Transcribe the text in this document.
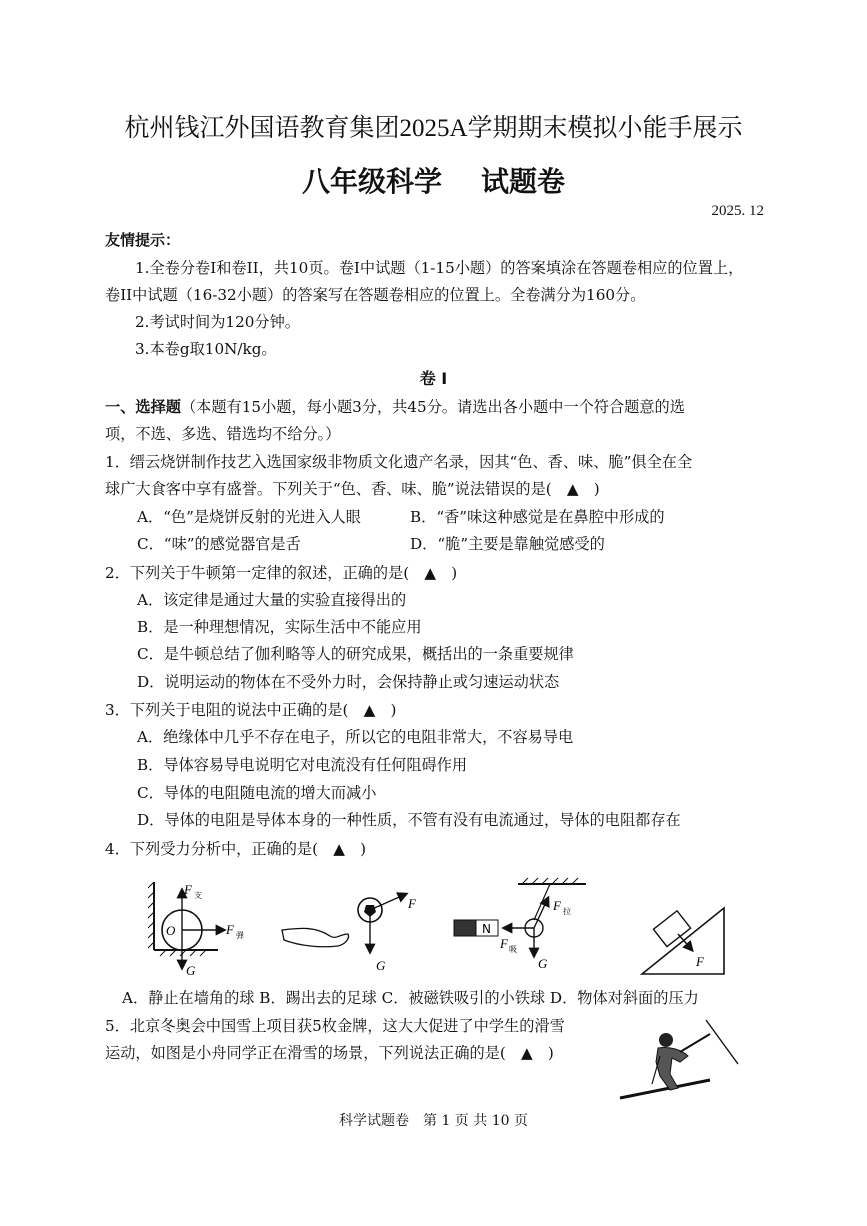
杭州钱江外国语教育集团2025A学期期末模拟小能手展示
八年级科学    试题卷
2025. 12
友情提示：
1.全卷分卷I和卷II，共10页。卷I中试题（1-15小题）的答案填涂在答题卷相应的位置上，
卷II中试题（16-32小题）的答案写在答题卷相应的位置上。全卷满分为160分。
2.考试时间为120分钟。
3.本卷g取10N/kg。
卷 I
一、选择题（本题有15小题，每小题3分，共45分。请选出各小题中一个符合题意的选
项，不选、多选、错选均不给分。）
1．缙云烧饼制作技艺入选国家级非物质文化遗产名录，因其“色、香、味、脆”俱全在全
球广大食客中享有盛誉。下列关于“色、香、味、脆”说法错误的是(　▲　)
A．“色”是烧饼反射的光进入人眼	B．“香”味这种感觉是在鼻腔中形成的
C．“味”的感觉器官是舌	D．“脆”主要是靠触觉感受的
2．下列关于牛顿第一定律的叙述，正确的是(　▲　)
A．该定律是通过大量的实验直接得出的
B．是一种理想情况，实际生活中不能应用
C．是牛顿总结了伽利略等人的研究成果，概括出的一条重要规律
D．说明运动的物体在不受外力时，会保持静止或匀速运动状态
3．下列关于电阻的说法中正确的是(　▲　)
A．绝缘体中几乎不存在电子，所以它的电阻非常大，不容易导电
B．导体容易导电说明它对电流没有任何阻碍作用
C．导体的电阻随电流的增大而减小
D．导体的电阻是导体本身的一种性质，不管有没有电流通过，导体的电阻都存在
4．下列受力分析中，正确的是(　▲　)
F 支
O	F 弹
G
F
G
N
F 拉
F 吸
G	F
A．静止在墙角的球 B．踢出去的足球 C．被磁铁吸引的小铁球 D．物体对斜面的压力
5．北京冬奥会中国雪上项目获5枚金牌，这大大促进了中学生的滑雪
运动，如图是小舟同学正在滑雪的场景，下列说法正确的是(　▲　)
科学试题卷　第 1 页 共 10 页
